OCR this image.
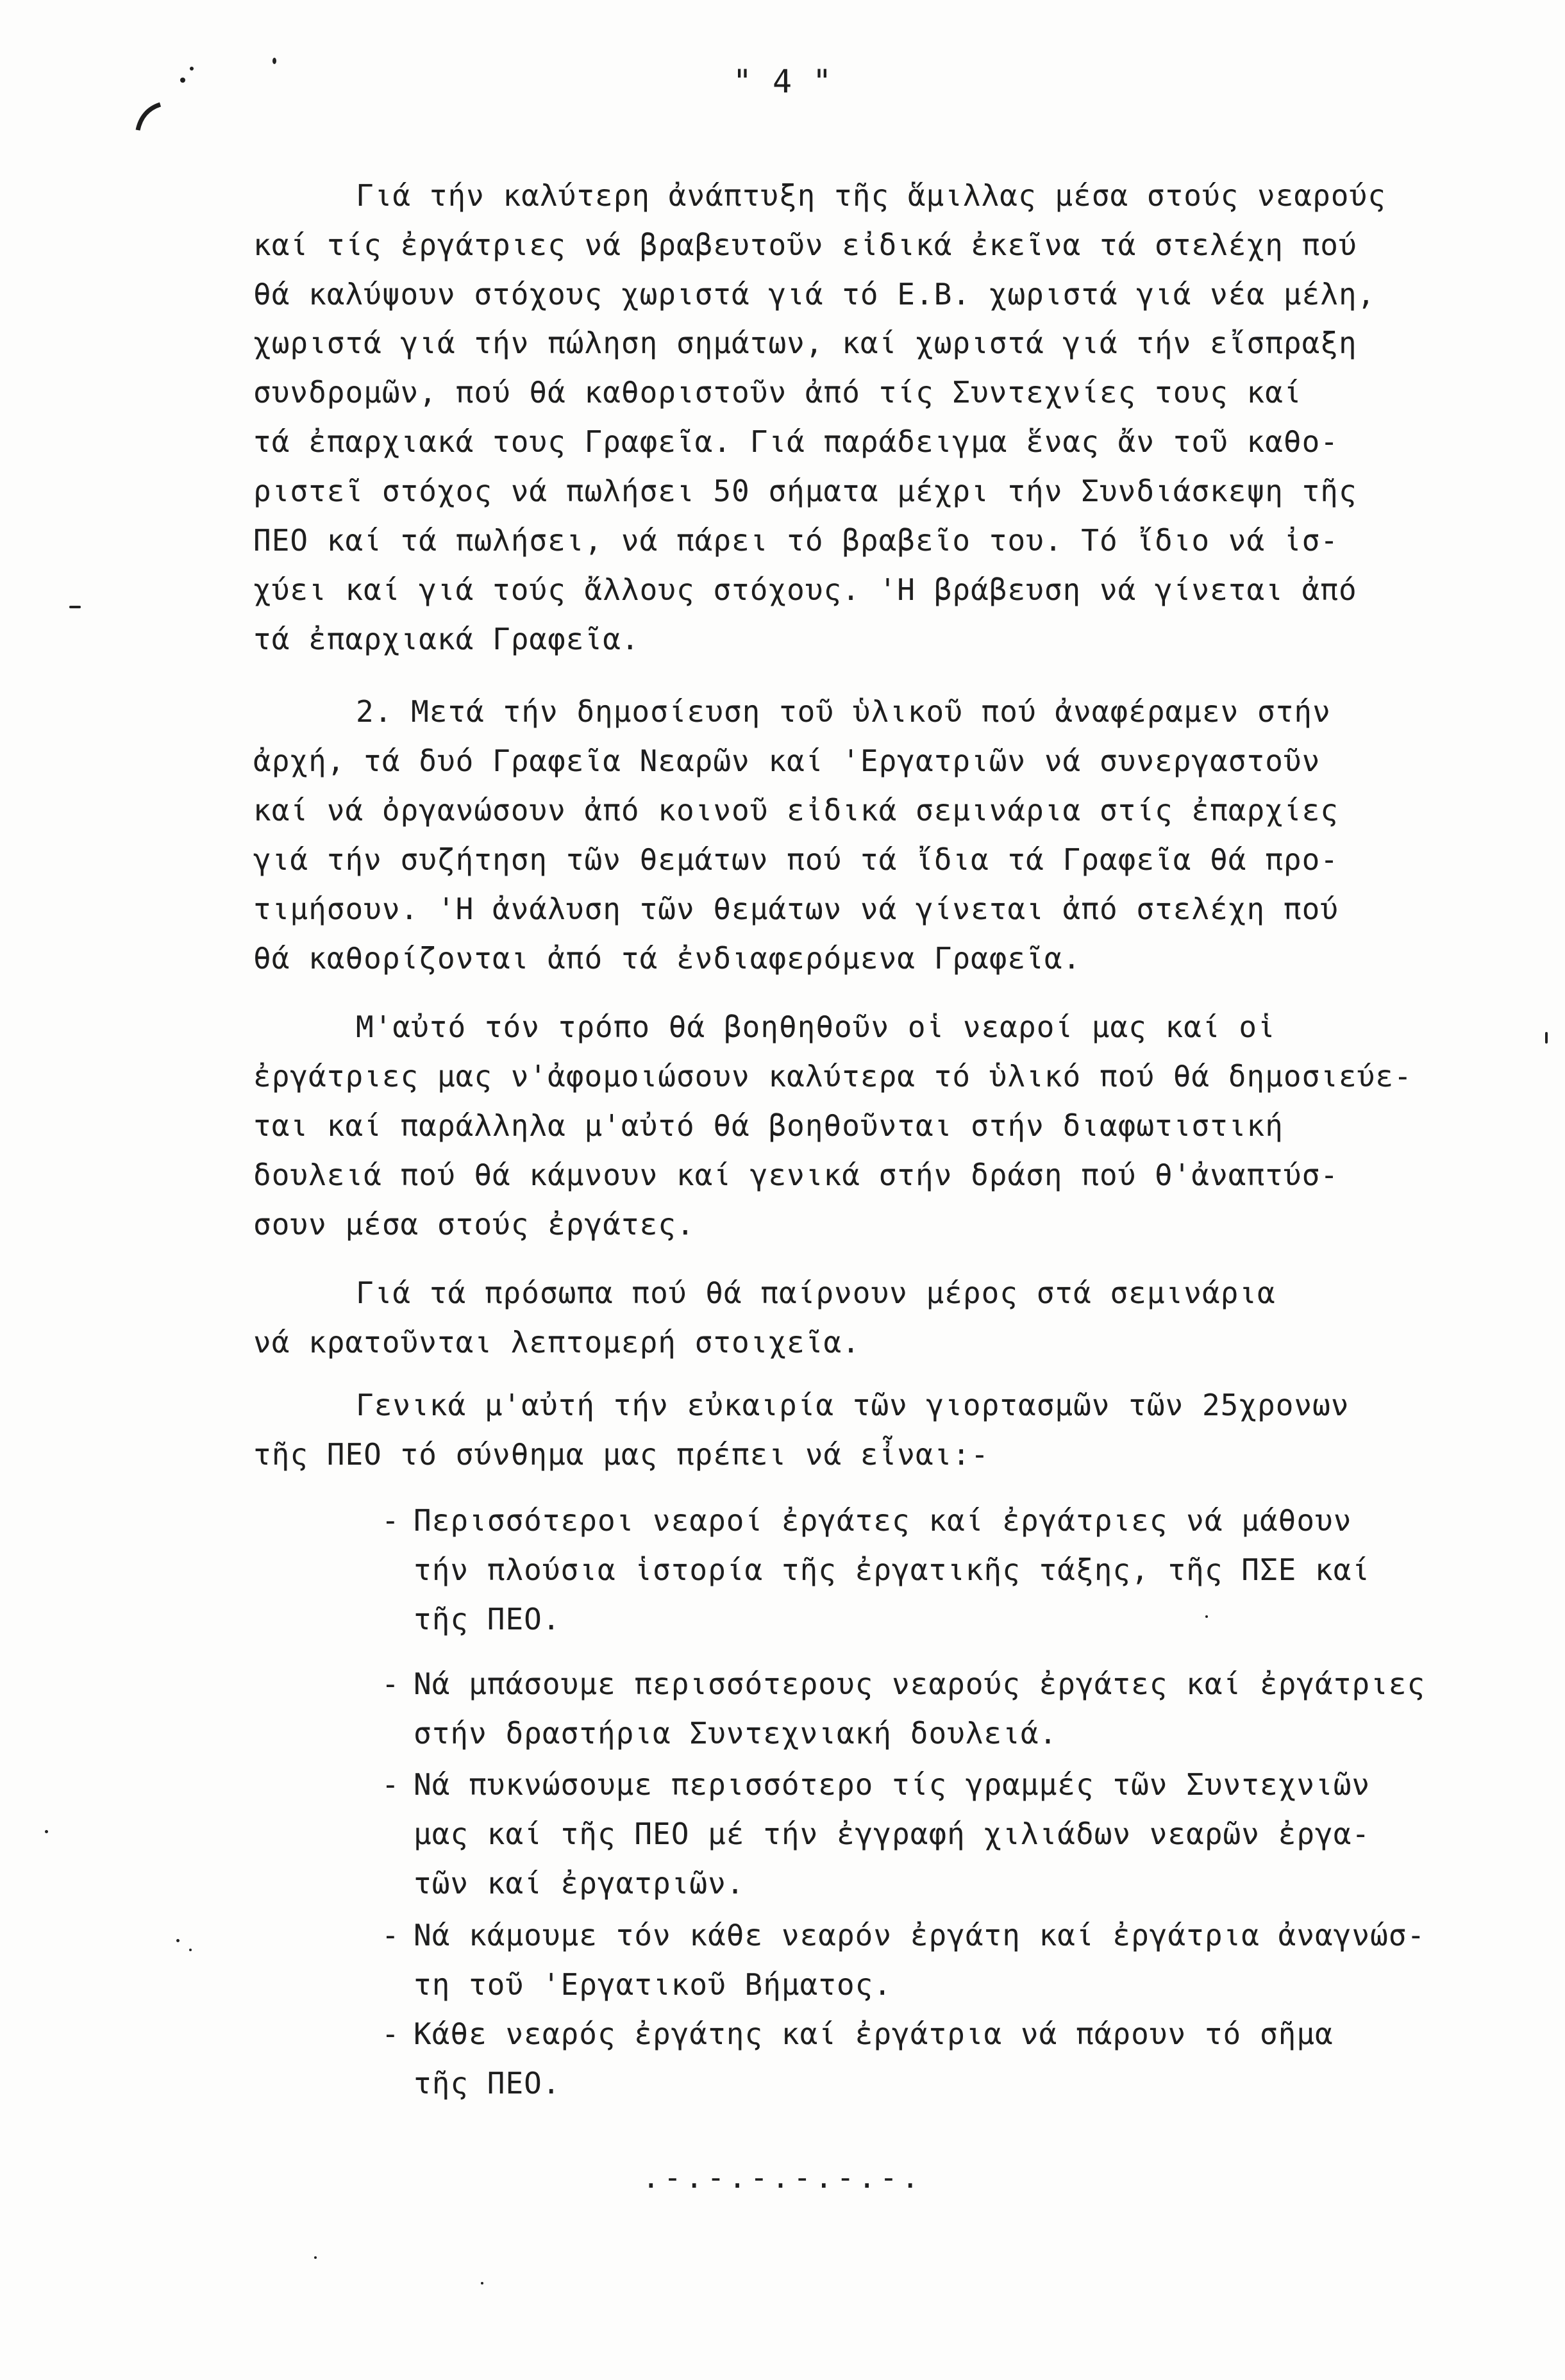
" 4 "
Γιά τήν καλύτερη ἀνάπτυξη τῆς ἅμιλλας μέσα στούς νεαρούς
καί τίς ἐργάτριες νά βραβευτοῦν εἰδικά ἐκεῖνα τά στελέχη πού
θά καλύψουν στόχους χωριστά γιά τό Ε.Β. χωριστά γιά νέα μέλη,
χωριστά γιά τήν πώληση σημάτων, καί χωριστά γιά τήν εἴσπραξη
συνδρομῶν, πού θά καθοριστοῦν ἀπό τίς Συντεχνίες τους καί
τά ἐπαρχιακά τους Γραφεῖα. Γιά παράδειγμα ἕνας ἄν τοῦ καθο-
ριστεῖ στόχος νά πωλήσει 50 σήματα μέχρι τήν Συνδιάσκεψη τῆς
ΠΕΟ καί τά πωλήσει, νά πάρει τό βραβεῖο του. Τό ἴδιο νά ἰσ-
χύει καί γιά τούς ἄλλους στόχους. 'Η βράβευση νά γίνεται ἀπό
τά ἐπαρχιακά Γραφεῖα.
2. Μετά τήν δημοσίευση τοῦ ὑλικοῦ πού ἀναφέραμεν στήν
ἀρχή, τά δυό Γραφεῖα Νεαρῶν καί 'Εργατριῶν νά συνεργαστοῦν
καί νά ὀργανώσουν ἀπό κοινοῦ εἰδικά σεμινάρια στίς ἐπαρχίες
γιά τήν συζήτηση τῶν θεμάτων πού τά ἴδια τά Γραφεῖα θά προ-
τιμήσουν. 'Η ἀνάλυση τῶν θεμάτων νά γίνεται ἀπό στελέχη πού
θά καθορίζονται ἀπό τά ἐνδιαφερόμενα Γραφεῖα.
Μ'αὐτό τόν τρόπο θά βοηθηθοῦν οἱ νεαροί μας καί οἱ
ἐργάτριες μας ν'ἀφομοιώσουν καλύτερα τό ὑλικό πού θά δημοσιεύε-
ται καί παράλληλα μ'αὐτό θά βοηθοῦνται στήν διαφωτιστική
δουλειά πού θά κάμνουν καί γενικά στήν δράση πού θ'ἀναπτύσ-
σουν μέσα στούς ἐργάτες.
Γιά τά πρόσωπα πού θά παίρνουν μέρος στά σεμινάρια
νά κρατοῦνται λεπτομερή στοιχεῖα.
Γενικά μ'αὐτή τήν εὐκαιρία τῶν γιορτασμῶν τῶν 25χρονων
τῆς ΠΕΟ τό σύνθημα μας πρέπει νά εἶναι:-
- Περισσότεροι νεαροί ἐργάτες καί ἐργάτριες νά μάθουν
τήν πλούσια ἱστορία τῆς ἐργατικῆς τάξης, τῆς ΠΣΕ καί
τῆς ΠΕΟ.
- Νά μπάσουμε περισσότερους νεαρούς ἐργάτες καί ἐργάτριες
στήν δραστήρια Συντεχνιακή δουλειά.
- Νά πυκνώσουμε περισσότερο τίς γραμμές τῶν Συντεχνιῶν
μας καί τῆς ΠΕΟ μέ τήν ἐγγραφή χιλιάδων νεαρῶν ἐργα-
τῶν καί ἐργατριῶν.
- Νά κάμουμε τόν κάθε νεαρόν ἐργάτη καί ἐργάτρια ἀναγνώσ-
τη τοῦ 'Εργατικοῦ Βήματος.
- Κάθε νεαρός ἐργάτης καί ἐργάτρια νά πάρουν τό σῆμα
τῆς ΠΕΟ.
.-.-.-.-.-.-.
